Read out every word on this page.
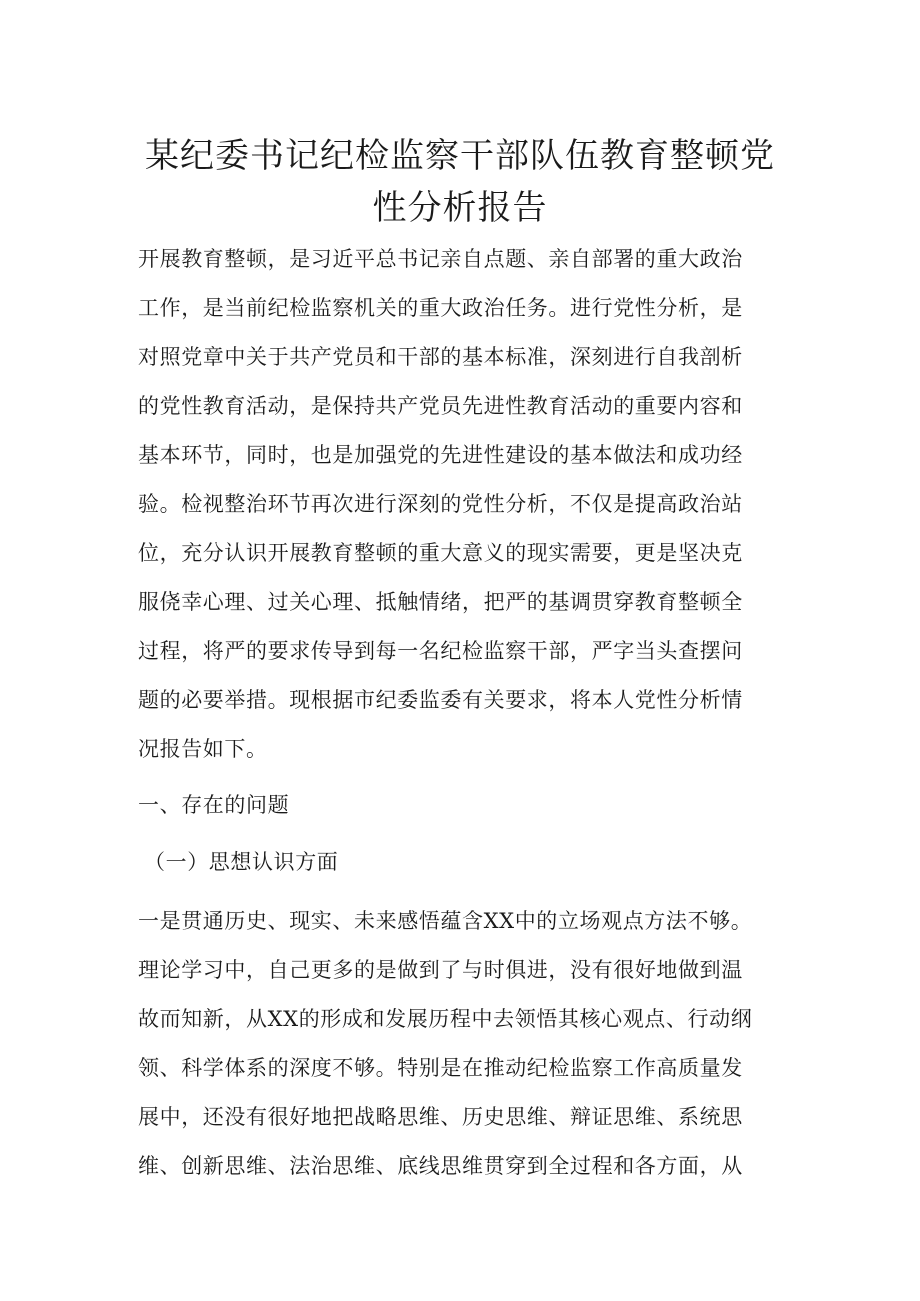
某纪委书记纪检监察干部队伍教育整顿党
性分析报告
开展教育整顿，是习近平总书记亲自点题、亲自部署的重大政治
工作，是当前纪检监察机关的重大政治任务。进行党性分析，是
对照党章中关于共产党员和干部的基本标准，深刻进行自我剖析
的党性教育活动，是保持共产党员先进性教育活动的重要内容和
基本环节，同时，也是加强党的先进性建设的基本做法和成功经
验。检视整治环节再次进行深刻的党性分析，不仅是提高政治站
位，充分认识开展教育整顿的重大意义的现实需要，更是坚决克
服侥幸心理、过关心理、抵触情绪，把严的基调贯穿教育整顿全
过程，将严的要求传导到每一名纪检监察干部，严字当头查摆问
题的必要举措。现根据市纪委监委有关要求，将本人党性分析情
况报告如下。
一、存在的问题
（一）思想认识方面
一是贯通历史、现实、未来感悟蕴含XX中的立场观点方法不够。
理论学习中，自己更多的是做到了与时俱进，没有很好地做到温
故而知新，从XX的形成和发展历程中去领悟其核心观点、行动纲
领、科学体系的深度不够。特别是在推动纪检监察工作高质量发
展中，还没有很好地把战略思维、历史思维、辩证思维、系统思
维、创新思维、法治思维、底线思维贯穿到全过程和各方面，从
